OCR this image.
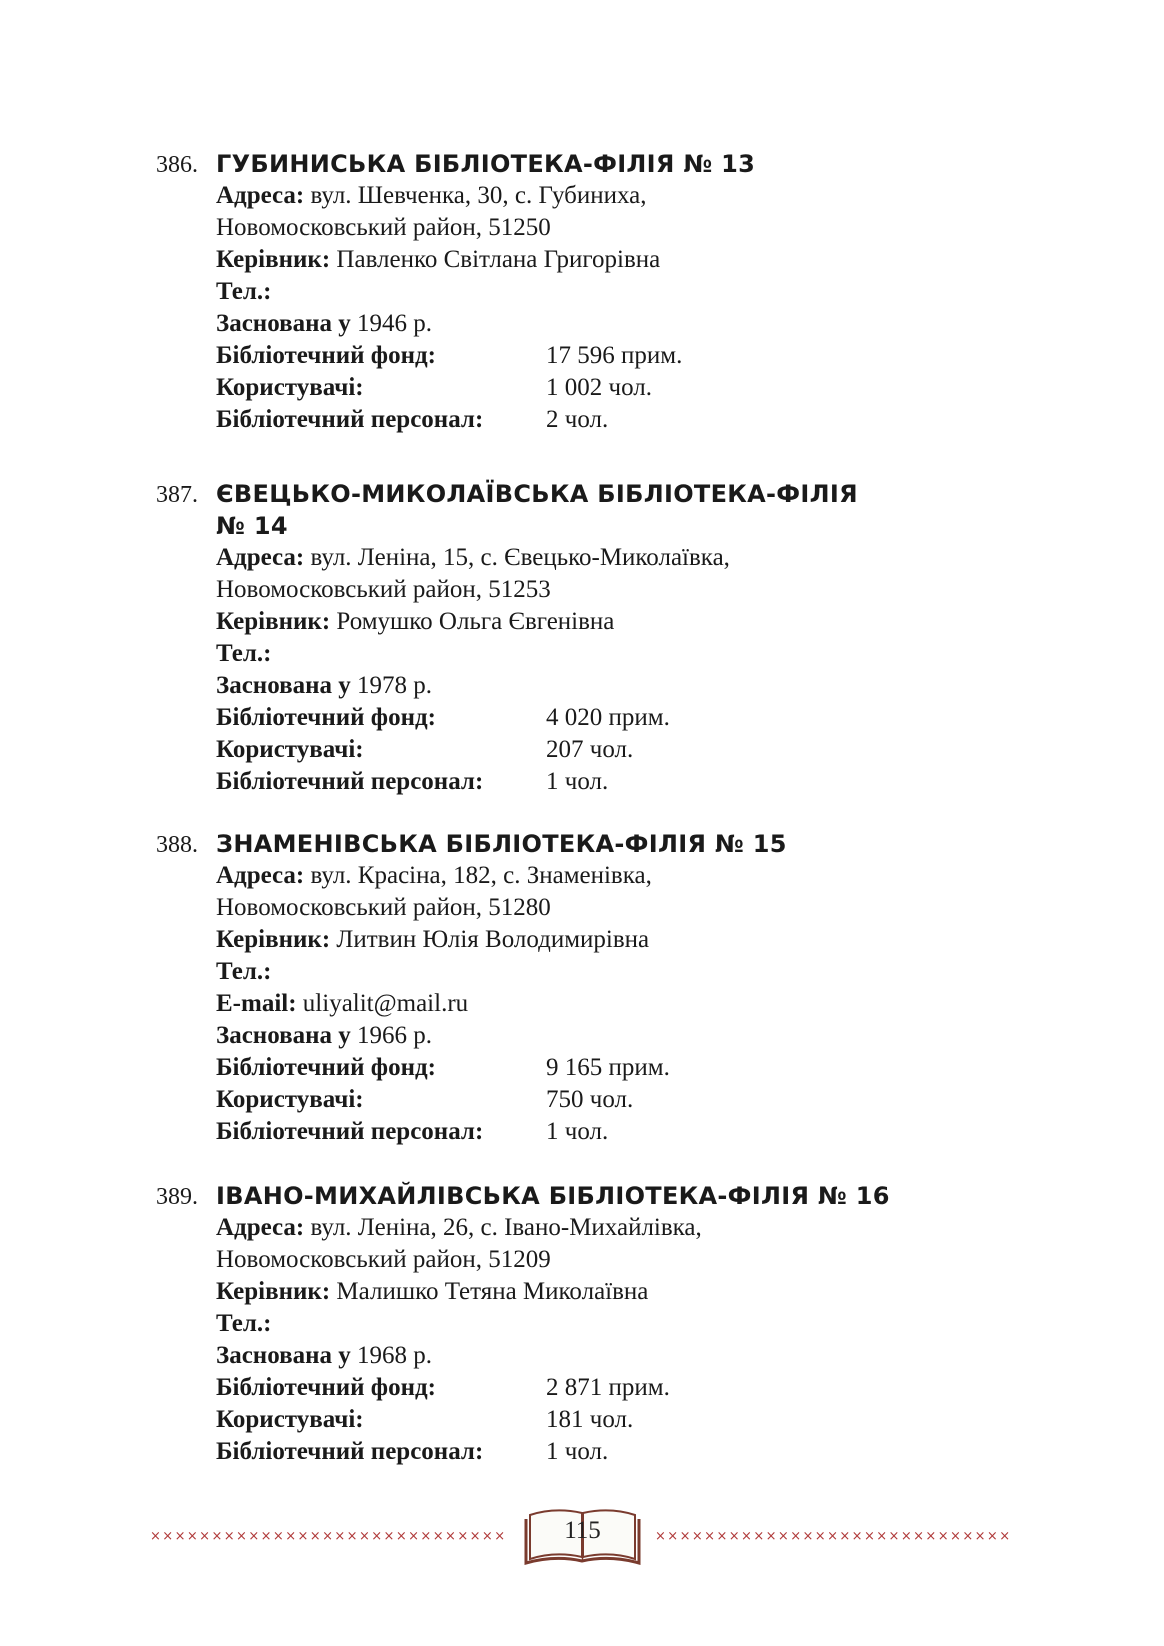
386. ГУБИНИСЬКА БІБЛІОТЕКА-ФІЛІЯ № 13
Адреса: вул. Шевченка, 30, с. Губиниха,
Новомосковський район, 51250
Керівник: Павленко Світлана Григорівна
Тел.:
Заснована у 1946 р.
Бібліотечний фонд:	17 596 прим.
Користувачі:	1 002 чол.
Бібліотечний персонал:	2 чол.
387. ЄВЕЦЬКО-МИКОЛАЇВСЬКА БІБЛІОТЕКА-ФІЛІЯ
№ 14
Адреса: вул. Леніна, 15, с. Євецько-Миколаївка,
Новомосковський район, 51253
Керівник: Ромушко Ольга Євгенівна
Тел.:
Заснована у 1978 р.
Бібліотечний фонд:	4 020 прим.
Користувачі:	207 чол.
Бібліотечний персонал:	1 чол.
388. ЗНАМЕНІВСЬКА БІБЛІОТЕКА-ФІЛІЯ № 15
Адреса: вул. Красіна, 182, с. Знаменівка,
Новомосковський район, 51280
Керівник: Литвин Юлія Володимирівна
Тел.:
E-mail: uliyalit@mail.ru
Заснована у 1966 р.
Бібліотечний фонд:	9 165 прим.
Користувачі:	750 чол.
Бібліотечний персонал:	1 чол.
389. ІВАНО-МИХАЙЛІВСЬКА БІБЛІОТЕКА-ФІЛІЯ № 16
Адреса: вул. Леніна, 26, с. Івано-Михайлівка,
Новомосковський район, 51209
Керівник: Малишко Тетяна Миколаївна
Тел.:
Заснована у 1968 р.
Бібліотечний фонд:	2 871 прим.
Користувачі:	181 чол.
Бібліотечний персонал:	1 чол.
×××××××××××××××××××××××××××××	115	×××××××××××××××××××××××××××××
